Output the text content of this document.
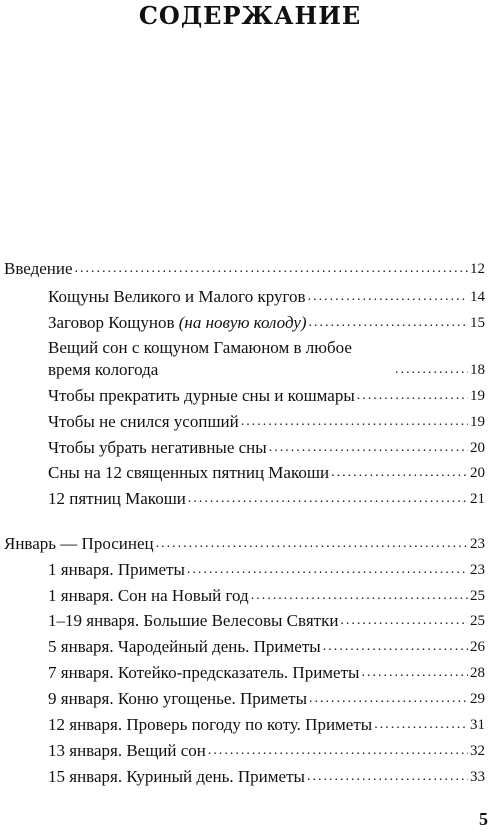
СОДЕРЖАНИЕ
Введение .....	12
Кощуны Великого и Малого кругов .....	14
Заговор Кощунов (на новую колоду) .....	15
Вещий сон с кощуном Гамаюном в любое время кологода .....	18
Чтобы прекратить дурные сны и кошмары .....	19
Чтобы не снился усопший .....	19
Чтобы убрать негативные сны .....	20
Сны на 12 священных пятниц Макоши .....	20
12 пятниц Макоши .....	21
Январь — Просинец .....	23
1 января. Приметы .....	23
1 января. Сон на Новый год .....	25
1–19 января. Большие Велесовы Святки .....	25
5 января. Чародейный день. Приметы .....	26
7 января. Котейко-предсказатель. Приметы .....	28
9 января. Коню угощенье. Приметы .....	29
12 января. Проверь погоду по коту. Приметы .....	31
13 января. Вещий сон .....	32
15 января. Куриный день. Приметы .....	33
5
